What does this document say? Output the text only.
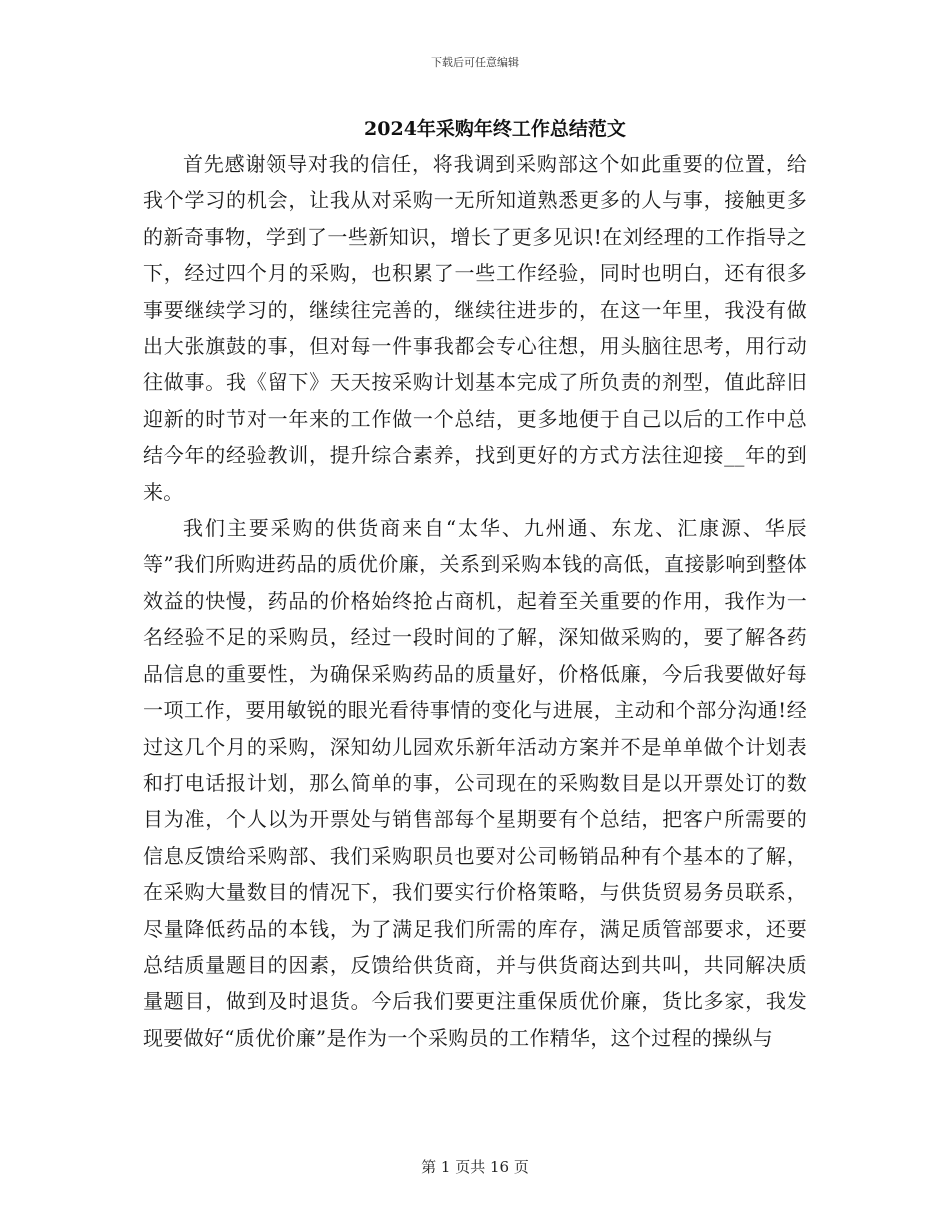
下载后可任意编辑
2024年采购年终工作总结范文

首先感谢领导对我的信任，将我调到采购部这个如此重要的位置，给我个学习的机会，让我从对采购一无所知道熟悉更多的人与事，接触更多的新奇事物，学到了一些新知识，增长了更多见识!在刘经理的工作指导之下，经过四个月的采购，也积累了一些工作经验，同时也明白，还有很多事要继续学习的，继续往完善的，继续往进步的，在这一年里，我没有做出大张旗鼓的事，但对每一件事我都会专心往想，用头脑往思考，用行动往做事。我《留下》天天按采购计划基本完成了所负责的剂型，值此辞旧迎新的时节对一年来的工作做一个总结，更多地便于自己以后的工作中总结今年的经验教训，提升综合素养，找到更好的方式方法往迎接__年的到来。

我们主要采购的供货商来自“太华、九州通、东龙、汇康源、华辰等”我们所购进药品的质优价廉，关系到采购本钱的高低，直接影响到整体效益的快慢，药品的价格始终抢占商机，起着至关重要的作用，我作为一名经验不足的采购员，经过一段时间的了解，深知做采购的，要了解各药品信息的重要性，为确保采购药品的质量好，价格低廉，今后我要做好每一项工作，要用敏锐的眼光看待事情的变化与进展，主动和个部分沟通!经过这几个月的采购，深知幼儿园欢乐新年活动方案并不是单单做个计划表和打电话报计划，那么简单的事，公司现在的采购数目是以开票处订的数目为准，个人以为开票处与销售部每个星期要有个总结，把客户所需要的信息反馈给采购部、我们采购职员也要对公司畅销品种有个基本的了解，在采购大量数目的情况下，我们要实行价格策略，与供货贸易务员联系，尽量降低药品的本钱，为了满足我们所需的库存，满足质管部要求，还要总结质量题目的因素，反馈给供货商，并与供货商达到共叫，共同解决质量题目，做到及时退货。今后我们要更注重保质优价廉，货比多家，我发现要做好“质优价廉”是作为一个采购员的工作精华，这个过程的操纵与

第 1 页共 16 页
